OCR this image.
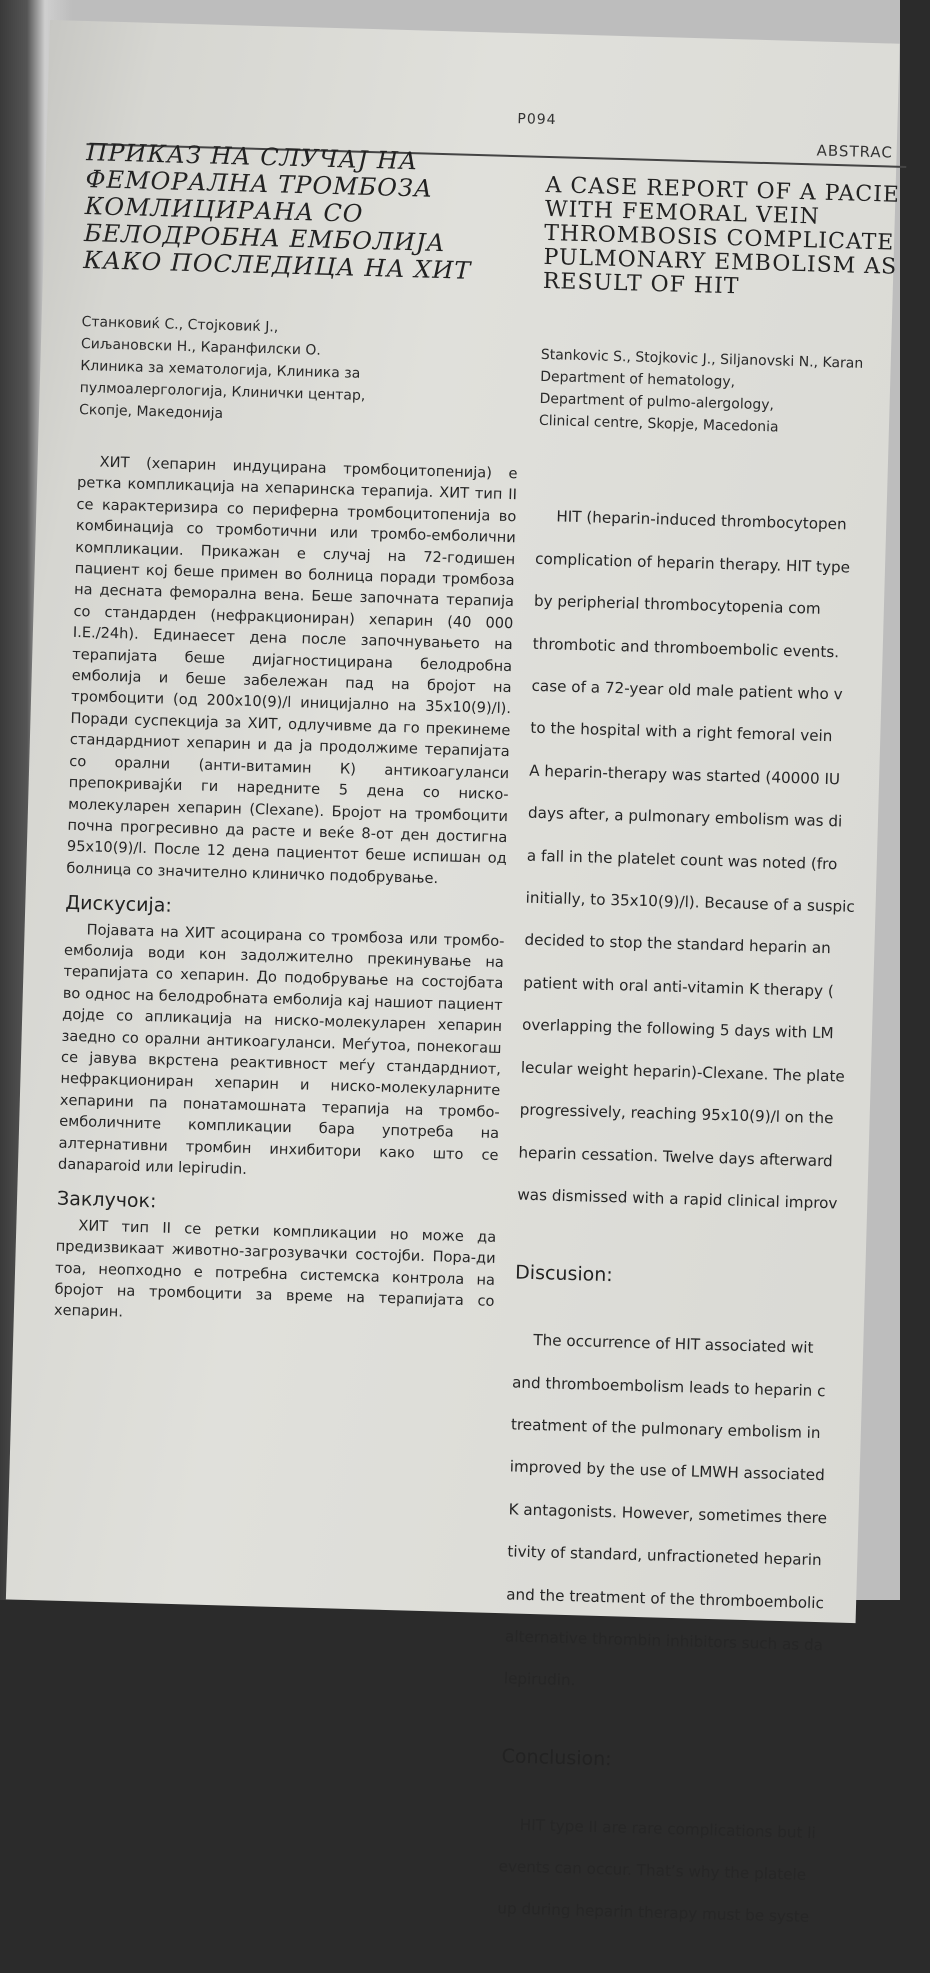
P094
ABSTRAC
ПРИКАЗ НА СЛУЧАЈ НА ФЕМОРАЛНА ТРОМБОЗА КОМЛИЦИРАНА СО БЕЛОДРОБНА ЕМБОЛИЈА КАКО ПОСЛЕДИЦА НА ХИТ
A CASE REPORT OF A PACIE WITH FEMORAL VEIN THROMBOSIS COMPLICATE PULMONARY EMBOLISM AS RESULT OF HIT

Станковиќ С., Стојковиќ Ј.,

Сиљановски Н., Каранфилски О.

Клиника за хематологија, Клиника за

пулмоалергологија, Клинички центар,

Скопје, Македонија

Stankovic S., Stojkovic J., Siljanovski N., Karan

Department of hematology,

Department of pulmo-alergology,

Clinical centre, Skopje, Macedonia

ХИТ (хепарин индуцирана тромбоцитопенија) е ретка компликација на хепаринска терапија. ХИТ тип II се карактеризира со периферна тромбоцитопенија во комбинација со тромботични или тромбо-емболични компликации. Прикажан е случај на 72-годишен пациент кој беше примен во болница поради тромбоза на десната феморална вена. Беше започната терапија со стандарден (нефракциониран) хепарин (40 000 I.E./24h). Единаесет дена после започнувањето на терапијата беше дијагностицирана белодробна емболија и беше забележан пад на бројот на тромбоцити (од 200x10(9)/l иницијално на 35x10(9)/l). Поради суспекција за ХИТ, одлучивме да го прекинеме стандардниот хепарин и да ја продолжиме терапијата со орални (анти-витамин К) антикоагуланси препокривајќи ги наредните 5 дена со ниско-молекуларен хепарин (Clexane). Бројот на тромбоцити почна прогресивно да расте и веќе 8-от ден достигна 95x10(9)/l. После 12 дена пациентот беше испишан од болница со значително клиничко подобрување.

Дискусија:

Појавата на ХИТ асоцирана со тромбоза или тромбо-емболија води кон задолжително прекинување на терапијата со хепарин. До подобрување на состојбата во однос на белодробната емболија кај нашиот пациент дојде со апликација на ниско-молекуларен хепарин заедно со орални антикоагуланси. Меѓутоа, понекогаш се јавува вкрстена реактивност меѓу стандардниот, нефракциониран хепарин и ниско-молекуларните хепарини па понатамошната терапија на тромбо-емболичните компликации бара употреба на алтернативни тромбин инхибитори како што се danaparoid или lepirudin.

Заклучок:

ХИТ тип II се ретки компликации но може да предизвикаат животно-загрозувачки состојби. Пора-ди тоа, неопходно е потребна системска контрола на бројот на тромбоцити за време на терапијата со хепарин.

HIT (heparin-induced thrombocytopen

complication of heparin therapy. HIT type

by peripherial thrombocytopenia com

thrombotic and thromboembolic events.

case of a 72-year old male patient who v

to the hospital with a right femoral vein

A heparin-therapy was started (40000 IU

days after, a pulmonary embolism was di

a fall in the platelet count was noted (fro

initially, to 35x10(9)/l). Because of a suspic

decided to stop the standard heparin an

patient with oral anti-vitamin K therapy (

overlapping the following 5 days with LM

lecular weight heparin)-Clexane. The plate

progressively, reaching 95x10(9)/l on the

heparin cessation. Twelve days afterward

was dismissed with a rapid clinical improv

Discusion:

The occurrence of HIT associated wit

and thromboembolism leads to heparin c

treatment of the pulmonary embolism in

improved by the use of LMWH associated

K antagonists. However, sometimes there

tivity of standard, unfractioneted heparin

and the treatment of the thromboembolic

alternative thrombin inhibitors such as da

lepirudin.

Conclusion:

HIT type II are rare complications but li

events can occur. That’s why the platele

up during heparin therapy must be syste
